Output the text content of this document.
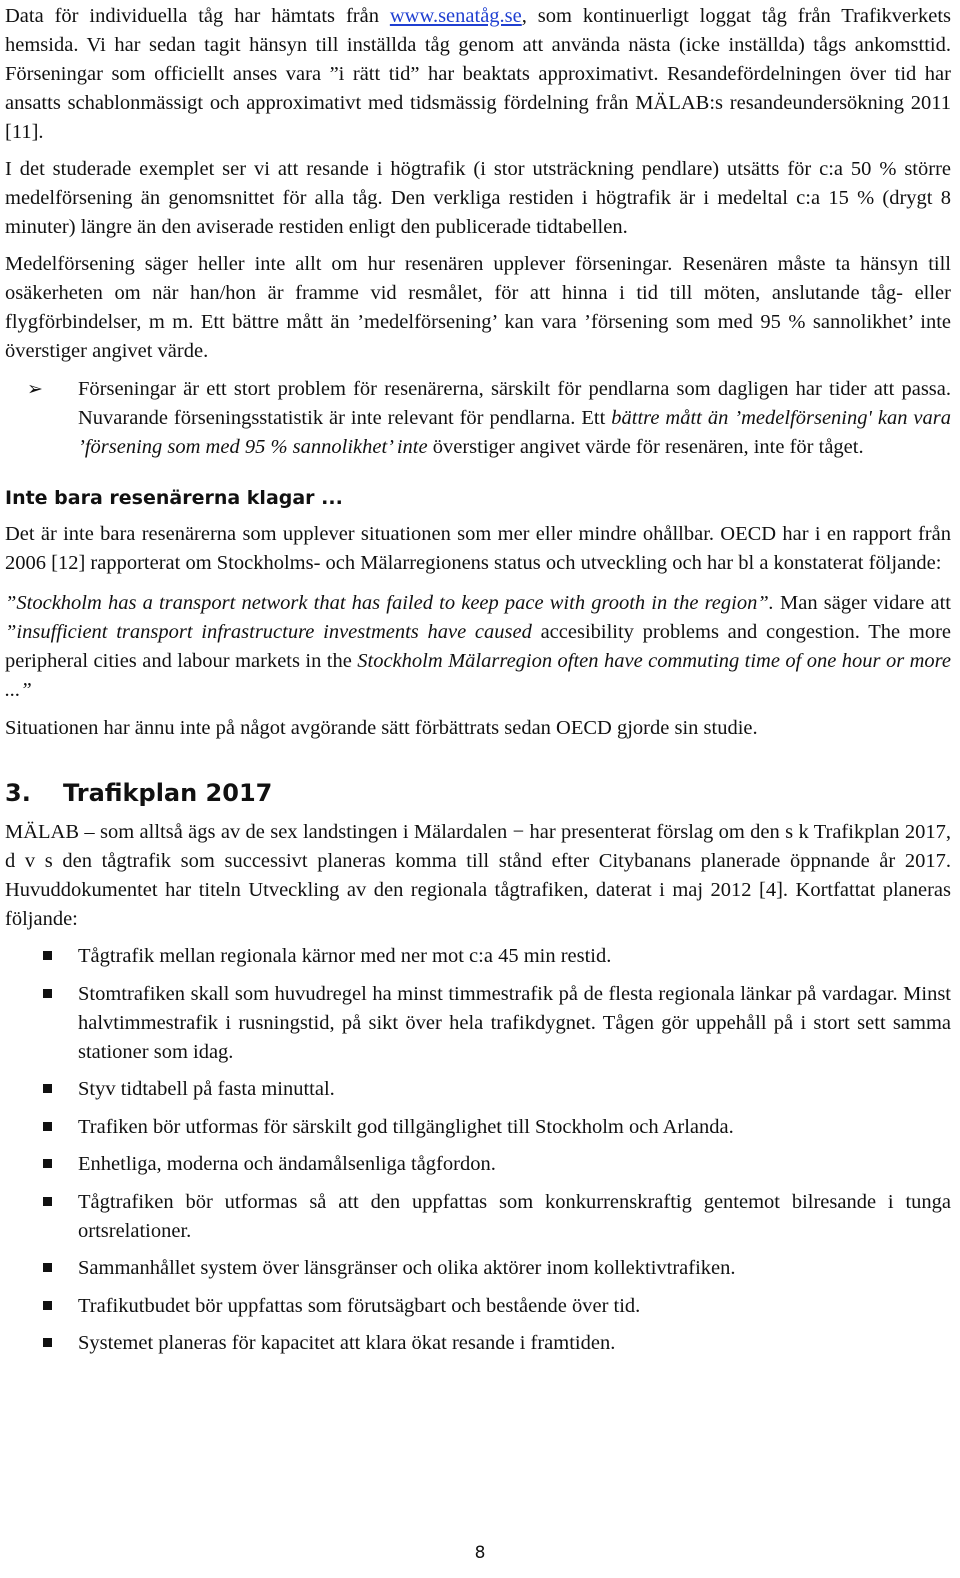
Data för individuella tåg har hämtats från www.senatåg.se, som kontinuerligt loggat tåg från Trafikverkets hemsida. Vi har sedan tagit hänsyn till inställda tåg genom att använda nästa (icke inställda) tågs ankomsttid. Förseningar som officiellt anses vara ”i rätt tid” har beaktats approximativt. Resandefördelningen över tid har ansatts schablonmässigt och approximativt med tidsmässig fördelning från MÄLAB:s resandeundersökning 2011 [11].

I det studerade exemplet ser vi att resande i högtrafik (i stor utsträckning pendlare) utsätts för c:a 50 % större medelförsening än genomsnittet för alla tåg. Den verkliga restiden i högtrafik är i medeltal c:a 15 % (drygt 8 minuter) längre än den aviserade restiden enligt den publicerade tidtabellen.

Medelförsening säger heller inte allt om hur resenären upplever förseningar. Resenären måste ta hänsyn till osäkerheten om när han/hon är framme vid resmålet, för att hinna i tid till möten, anslutande tåg- eller flygförbindelser, m m. Ett bättre mått än ’medelförsening’ kan vara ’försening som med 95 % sannolikhet’ inte överstiger angivet värde.

➢ Förseningar är ett stort problem för resenärerna, särskilt för pendlarna som dagligen har tider att passa. Nuvarande förseningsstatistik är inte relevant för pendlarna. Ett bättre mått än ’medelförsening' kan vara ’försening som med 95 % sannolikhet’ inte överstiger angivet värde för resenären, inte för tåget.

Inte bara resenärerna klagar ...

Det är inte bara resenärerna som upplever situationen som mer eller mindre ohållbar. OECD har i en rapport från 2006 [12] rapporterat om Stockholms- och Mälarregionens status och utveckling och har bl a konstaterat följande:

”Stockholm has a transport network that has failed to keep pace with grooth in the region”. Man säger vidare att ”insufficient transport infrastructure investments have caused accesibility problems and congestion. The more peripheral cities and labour markets in the Stockholm Mälarregion often have commuting time of one hour or more ...”

Situationen har ännu inte på något avgörande sätt förbättrats sedan OECD gjorde sin studie.

3.	Trafikplan 2017

MÄLAB – som alltså ägs av de sex landstingen i Mälardalen − har presenterat förslag om den s k Trafikplan 2017, d v s den tågtrafik som successivt planeras komma till stånd efter Citybanans planerade öppnande år 2017. Huvuddokumentet har titeln Utveckling av den regionala tågtrafiken, daterat i maj 2012 [4]. Kortfattat planeras följande:

Tågtrafik mellan regionala kärnor med ner mot c:a 45 min restid.
Stomtrafiken skall som huvudregel ha minst timmestrafik på de flesta regionala länkar på vardagar. Minst halvtimmestrafik i rusningstid, på sikt över hela trafikdygnet. Tågen gör uppehåll på i stort sett samma stationer som idag.
Styv tidtabell på fasta minuttal.
Trafiken bör utformas för särskilt god tillgänglighet till Stockholm och Arlanda.
Enhetliga, moderna och ändamålsenliga tågfordon.
Tågtrafiken bör utformas så att den uppfattas som konkurrenskraftig gentemot bilresande i tunga ortsrelationer.
Sammanhållet system över länsgränser och olika aktörer inom kollektivtrafiken.
Trafikutbudet bör uppfattas som förutsägbart och bestående över tid.
Systemet planeras för kapacitet att klara ökat resande i framtiden.
8
